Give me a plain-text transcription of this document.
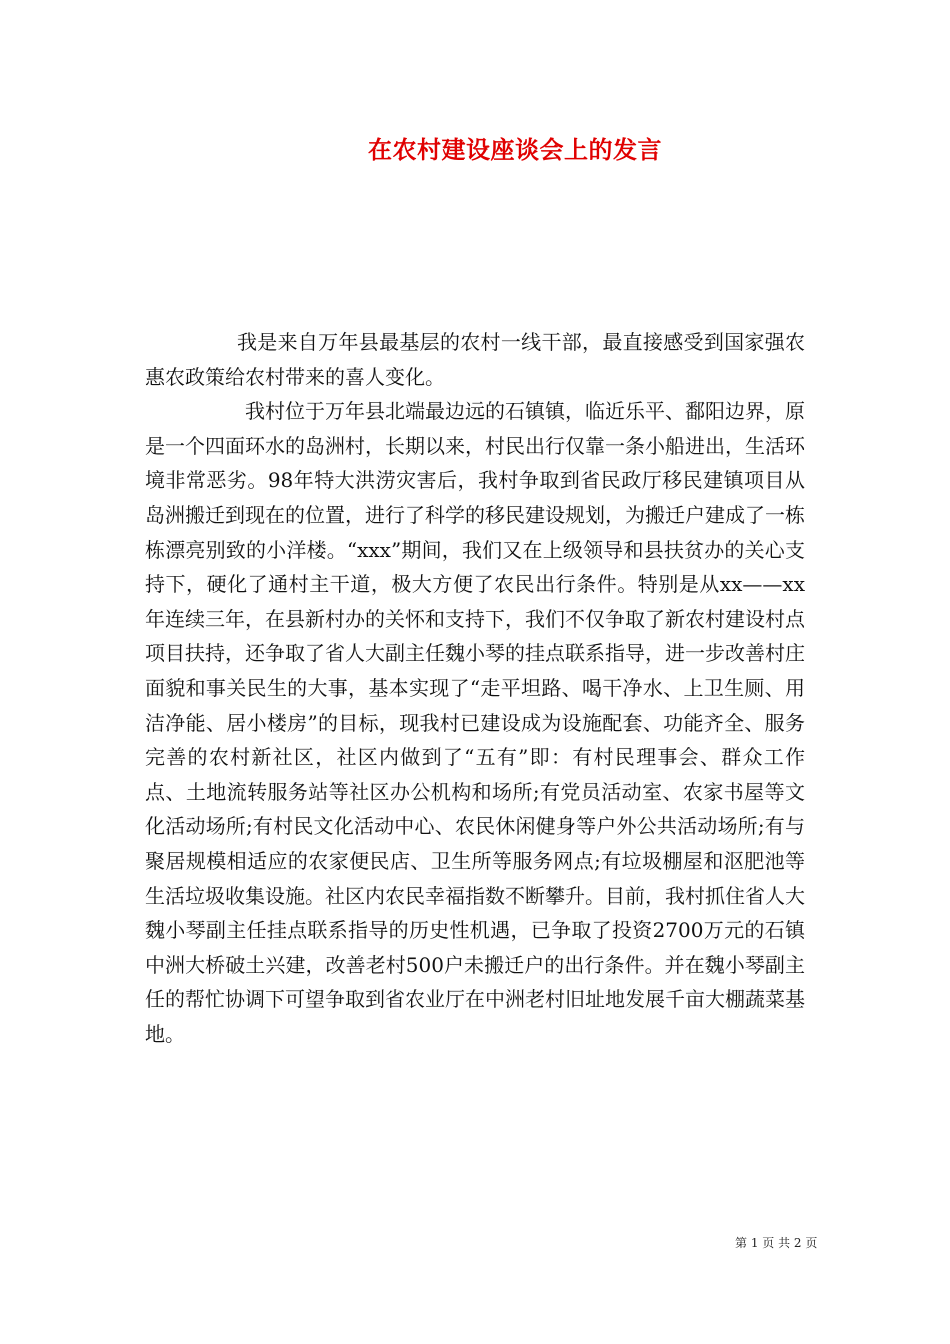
在农村建设座谈会上的发言

我是来自万年县最基层的农村一线干部，最直接感受到国家强农惠农政策给农村带来的喜人变化。

我村位于万年县北端最边远的石镇镇，临近乐平、鄱阳边界，原是一个四面环水的岛洲村，长期以来，村民出行仅靠一条小船进出，生活环境非常恶劣。98年特大洪涝灾害后，我村争取到省民政厅移民建镇项目从岛洲搬迁到现在的位置，进行了科学的移民建设规划，为搬迁户建成了一栋栋漂亮别致的小洋楼。“xxx”期间，我们又在上级领导和县扶贫办的关心支持下，硬化了通村主干道，极大方便了农民出行条件。特别是从xx——xx年连续三年，在县新村办的关怀和支持下，我们不仅争取了新农村建设村点项目扶持，还争取了省人大副主任魏小琴的挂点联系指导，进一步改善村庄面貌和事关民生的大事，基本实现了“走平坦路、喝干净水、上卫生厕、用洁净能、居小楼房”的目标，现我村已建设成为设施配套、功能齐全、服务完善的农村新社区，社区内做到了“五有”即：有村民理事会、群众工作点、土地流转服务站等社区办公机构和场所;有党员活动室、农家书屋等文化活动场所;有村民文化活动中心、农民休闲健身等户外公共活动场所;有与聚居规模相适应的农家便民店、卫生所等服务网点;有垃圾棚屋和沤肥池等生活垃圾收集设施。社区内农民幸福指数不断攀升。目前，我村抓住省人大魏小琴副主任挂点联系指导的历史性机遇，已争取了投资2700万元的石镇中洲大桥破土兴建，改善老村500户未搬迁户的出行条件。并在魏小琴副主任的帮忙协调下可望争取到省农业厅在中洲老村旧址地发展千亩大棚蔬菜基地。

第 1 页 共 2 页
